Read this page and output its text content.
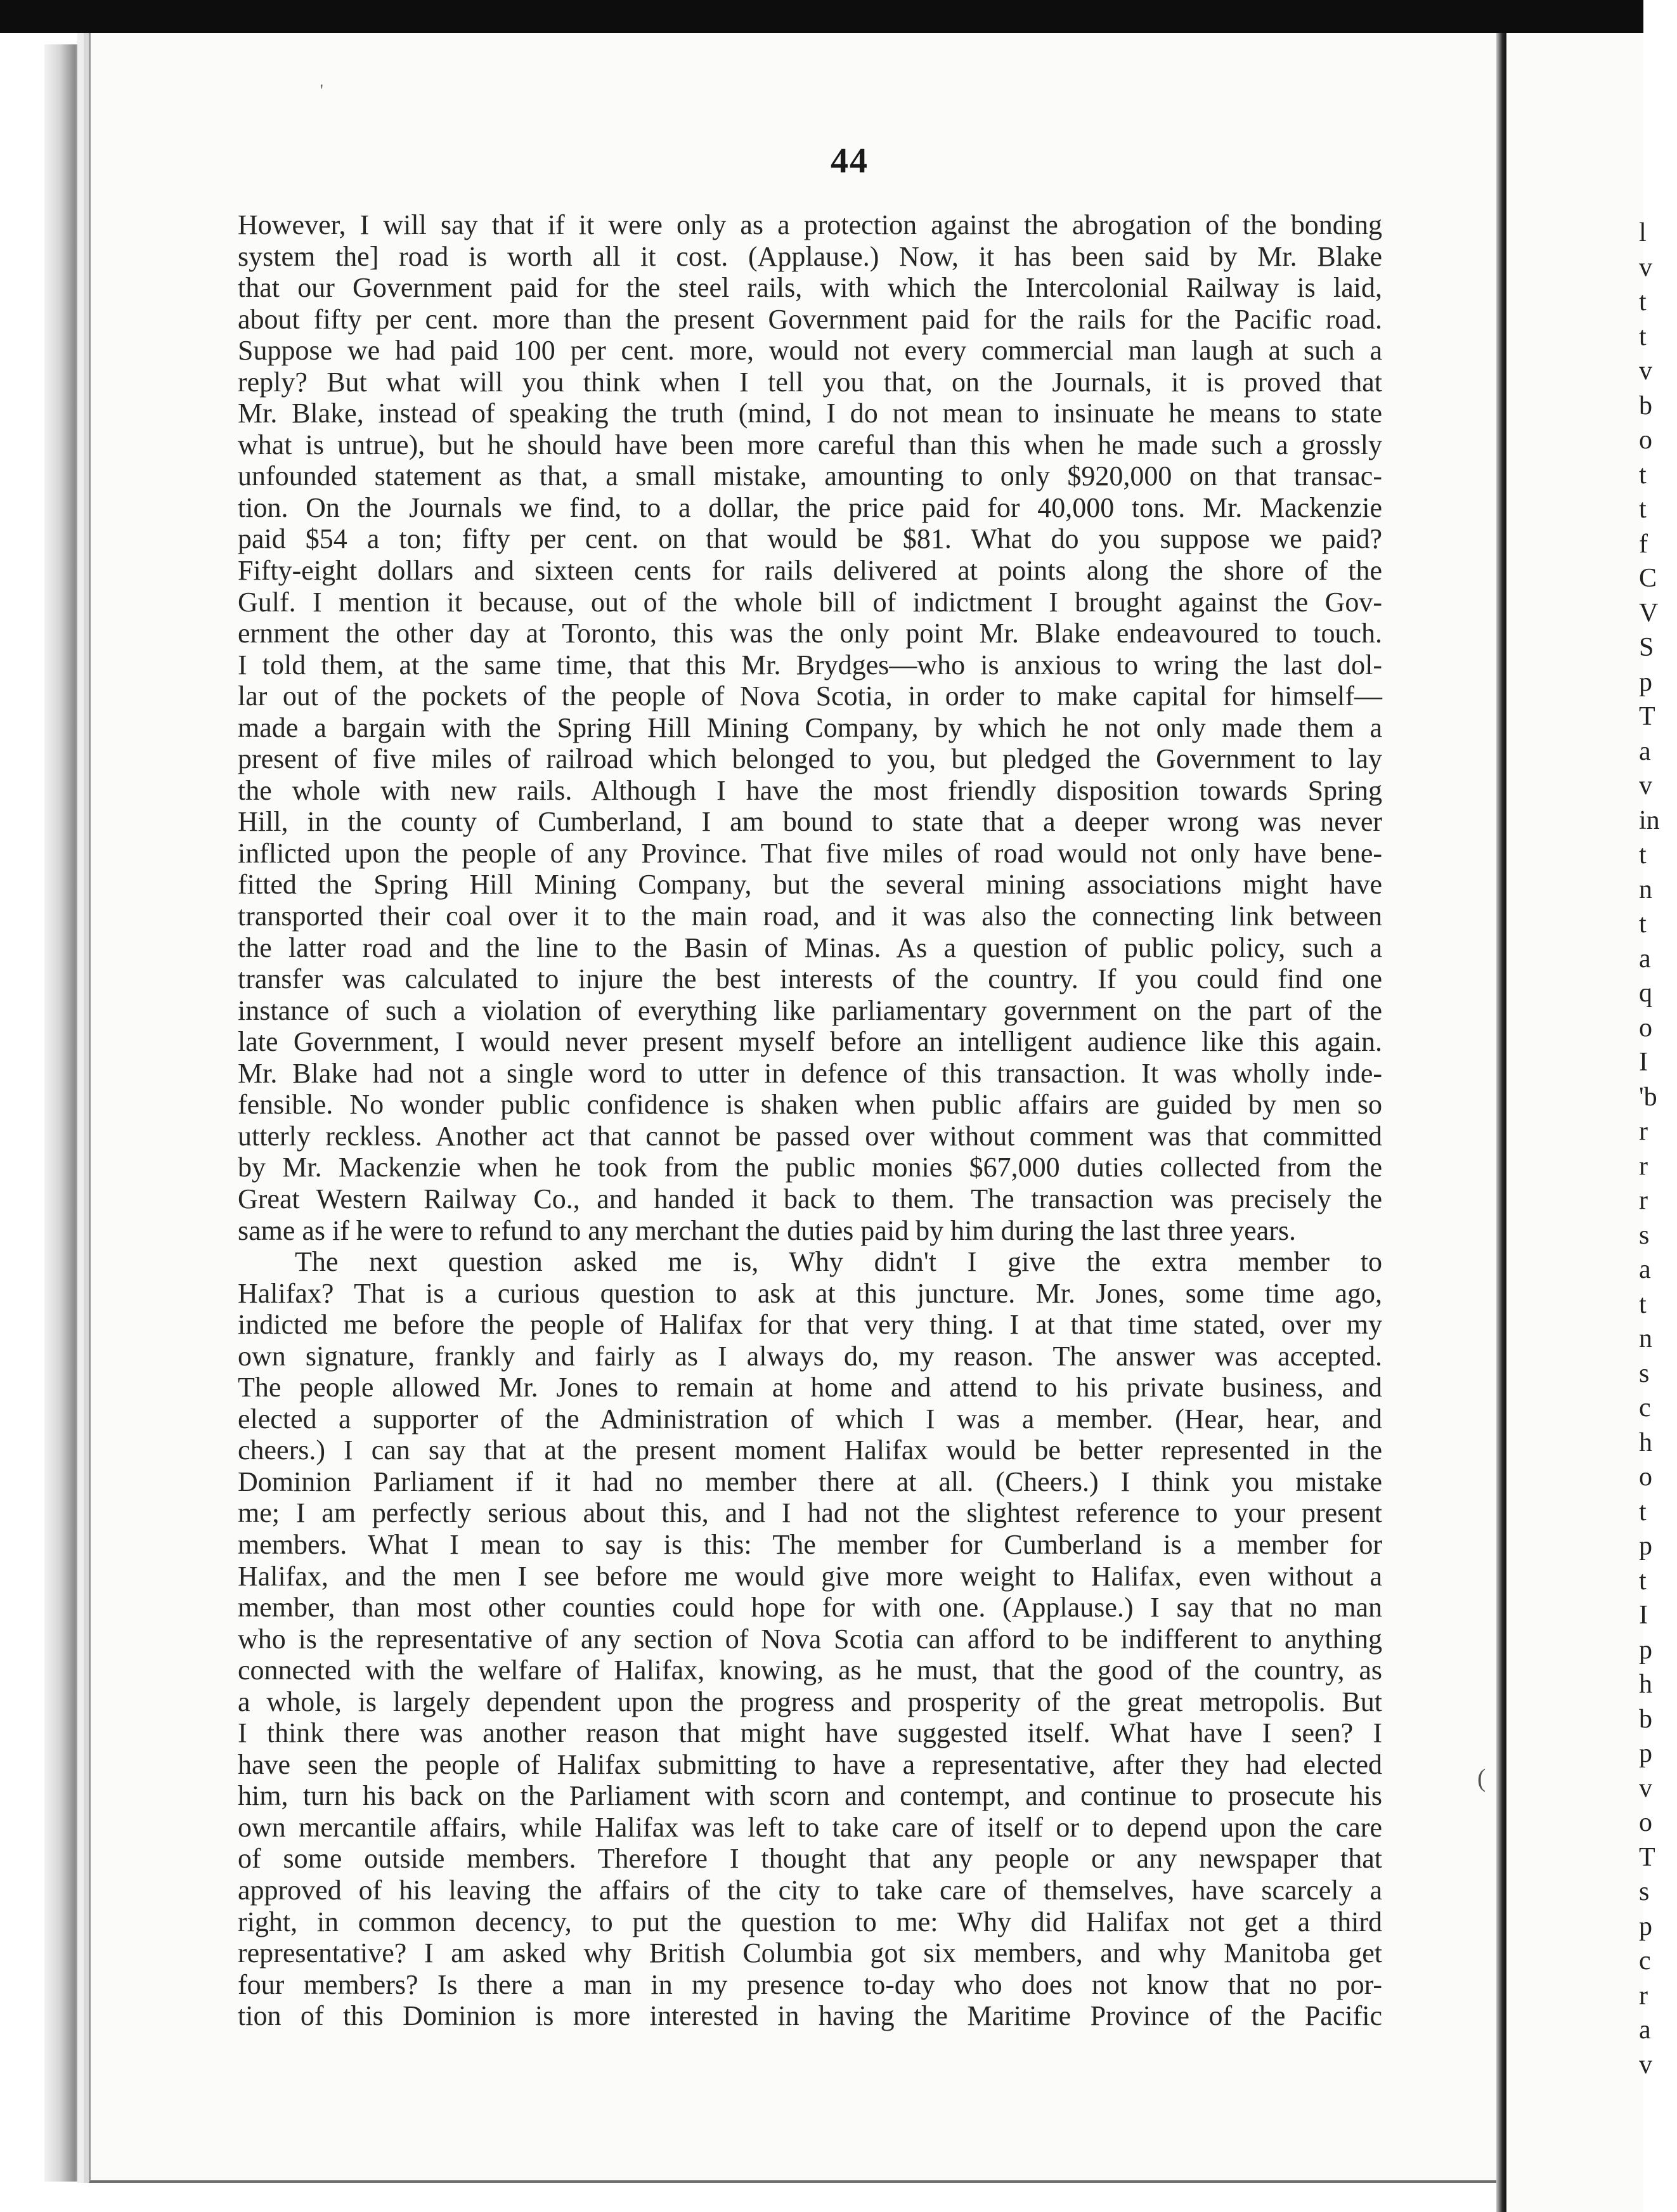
44
However, I will say that if it were only as a protection against the abrogation of the bonding
system the] road is worth all it cost. (Applause.) Now, it has been said by Mr. Blake
that our Government paid for the steel rails, with which the Intercolonial Railway is laid,
about fifty per cent. more than the present Government paid for the rails for the Pacific road.
Suppose we had paid 100 per cent. more, would not every commercial man laugh at such a
reply? But what will you think when I tell you that, on the Journals, it is proved that
Mr. Blake, instead of speaking the truth (mind, I do not mean to insinuate he means to state
what is untrue), but he should have been more careful than this when he made such a grossly
unfounded statement as that, a small mistake, amounting to only $920,000 on that transac-
tion. On the Journals we find, to a dollar, the price paid for 40,000 tons. Mr. Mackenzie
paid $54 a ton; fifty per cent. on that would be $81. What do you suppose we paid?
Fifty-eight dollars and sixteen cents for rails delivered at points along the shore of the
Gulf. I mention it because, out of the whole bill of indictment I brought against the Gov-
ernment the other day at Toronto, this was the only point Mr. Blake endeavoured to touch.
I told them, at the same time, that this Mr. Brydges—who is anxious to wring the last dol-
lar out of the pockets of the people of Nova Scotia, in order to make capital for himself—
made a bargain with the Spring Hill Mining Company, by which he not only made them a
present of five miles of railroad which belonged to you, but pledged the Government to lay
the whole with new rails. Although I have the most friendly disposition towards Spring
Hill, in the county of Cumberland, I am bound to state that a deeper wrong was never
inflicted upon the people of any Province. That five miles of road would not only have bene-
fitted the Spring Hill Mining Company, but the several mining associations might have
transported their coal over it to the main road, and it was also the connecting link between
the latter road and the line to the Basin of Minas. As a question of public policy, such a
transfer was calculated to injure the best interests of the country. If you could find one
instance of such a violation of everything like parliamentary government on the part of the
late Government, I would never present myself before an intelligent audience like this again.
Mr. Blake had not a single word to utter in defence of this transaction. It was wholly inde-
fensible. No wonder public confidence is shaken when public affairs are guided by men so
utterly reckless. Another act that cannot be passed over without comment was that committed
by Mr. Mackenzie when he took from the public monies $67,000 duties collected from the
Great Western Railway Co., and handed it back to them. The transaction was precisely the
same as if he were to refund to any merchant the duties paid by him during the last three years.
The next question asked me is, Why didn't I give the extra member to
Halifax? That is a curious question to ask at this juncture. Mr. Jones, some time ago,
indicted me before the people of Halifax for that very thing. I at that time stated, over my
own signature, frankly and fairly as I always do, my reason. The answer was accepted.
The people allowed Mr. Jones to remain at home and attend to his private business, and
elected a supporter of the Administration of which I was a member. (Hear, hear, and
cheers.) I can say that at the present moment Halifax would be better represented in the
Dominion Parliament if it had no member there at all. (Cheers.) I think you mistake
me; I am perfectly serious about this, and I had not the slightest reference to your present
members. What I mean to say is this: The member for Cumberland is a member for
Halifax, and the men I see before me would give more weight to Halifax, even without a
member, than most other counties could hope for with one. (Applause.) I say that no man
who is the representative of any section of Nova Scotia can afford to be indifferent to anything
connected with the welfare of Halifax, knowing, as he must, that the good of the country, as
a whole, is largely dependent upon the progress and prosperity of the great metropolis. But
I think there was another reason that might have suggested itself. What have I seen? I
have seen the people of Halifax submitting to have a representative, after they had elected
him, turn his back on the Parliament with scorn and contempt, and continue to prosecute his
own mercantile affairs, while Halifax was left to take care of itself or to depend upon the care
of some outside members. Therefore I thought that any people or any newspaper that
approved of his leaving the affairs of the city to take care of themselves, have scarcely a
right, in common decency, to put the question to me: Why did Halifax not get a third
representative? I am asked why British Columbia got six members, and why Manitoba get
four members? Is there a man in my presence to-day who does not know that no por-
tion of this Dominion is more interested in having the Maritime Province of the Pacific
l
v
t
t
v
b
o
t
t
f
C
V
S
p
T
a
v
in
t
n
t
a
q
o
I
'b
r
r
r
s
a
t
n
s
c
h
o
t
p
t
I
p
h
b
p
v
o
T
s
p
c
r
a
v
(
'
